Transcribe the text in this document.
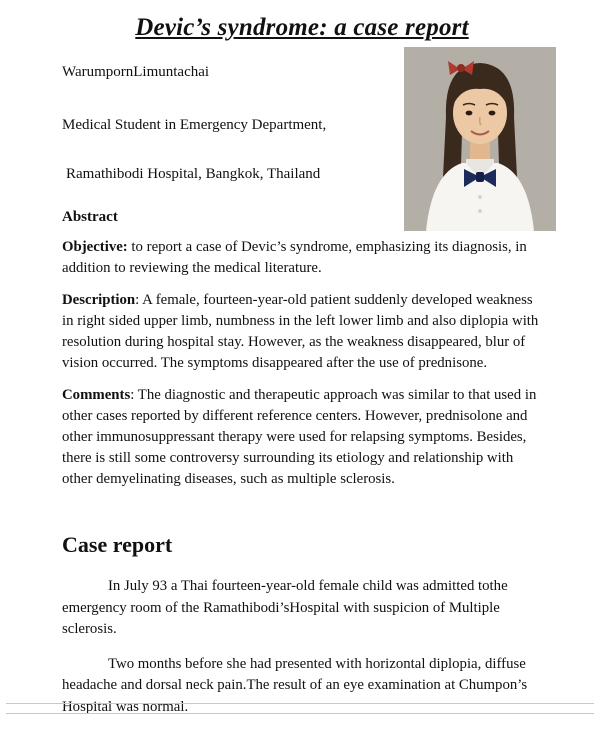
Devic’s syndrome: a case report
WarumpornLimuntachai
Medical Student in Emergency Department,
Ramathibodi Hospital, Bangkok, Thailand
Abstract

Objective: to report a case of Devic’s syndrome, emphasizing its diagnosis, in addition to reviewing the medical literature.

Description: A female, fourteen-year-old patient suddenly developed weakness in right sided upper limb, numbness in the left lower limb and also diplopia with resolution during hospital stay. However, as the weakness disappeared, blur of vision occurred. The symptoms disappeared after the use of prednisone.

Comments: The diagnostic and therapeutic approach was similar to that used in other cases reported by different reference centers. However, prednisolone and other immunosuppressant therapy were used for relapsing symptoms. Besides, there is still some controversy surrounding its etiology and relationship with other demyelinating diseases, such as multiple sclerosis.

Case report

In July 93 a Thai fourteen-year-old female child was admitted tothe emergency room of the Ramathibodi’sHospital with suspicion of Multiple sclerosis.

Two months before she had presented with horizontal diplopia, diffuse headache and dorsal neck pain.The result of an eye examination at Chumpon’s Hospital was normal.
